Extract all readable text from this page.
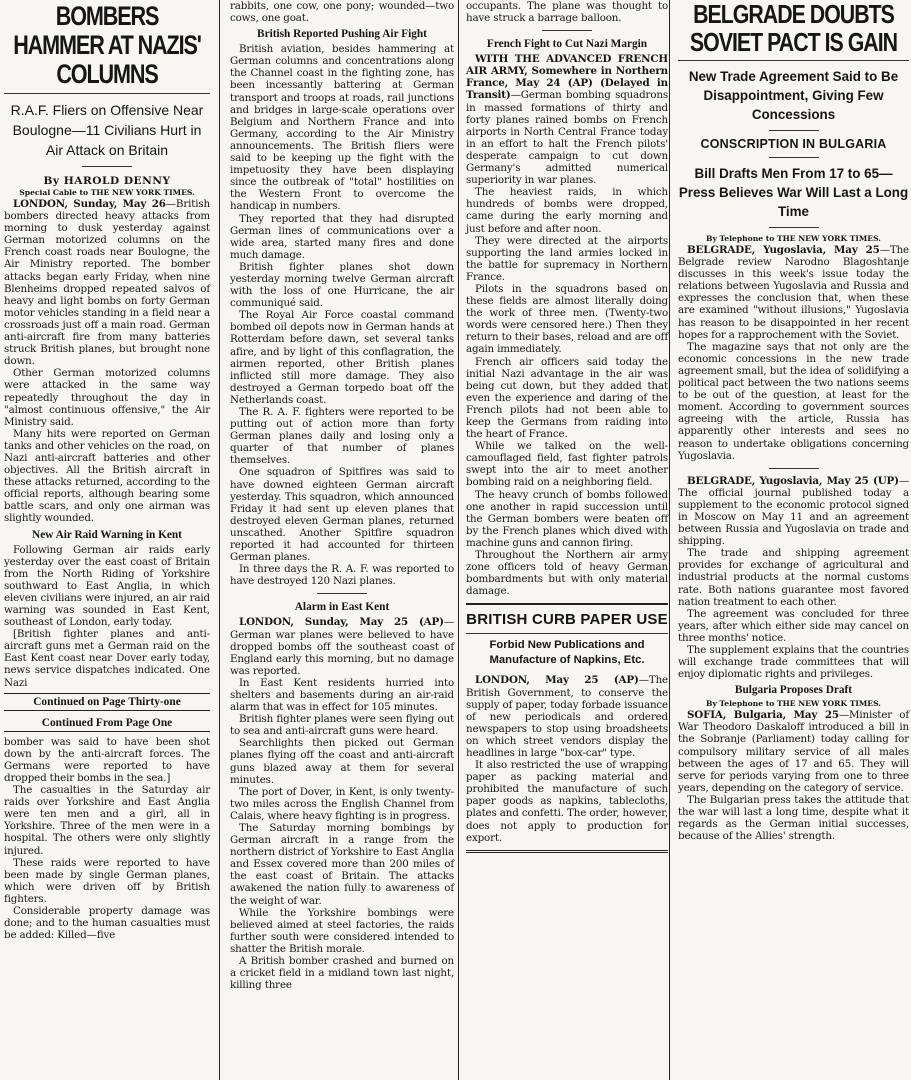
BOMBERS HAMMER AT NAZIS' COLUMNS
R.A.F. Fliers on Offensive Near Boulogne—11 Civilians Hurt in Air Attack on Britain
By HAROLD DENNY
Special Cable to THE NEW YORK TIMES.

LONDON, Sunday, May 26—British bombers directed heavy attacks from morning to dusk yesterday against German motorized columns on the French coast roads near Boulogne, the Air Ministry reported. The bomber attacks began early Friday, when nine Blenheims dropped repeated salvos of heavy and light bombs on forty German motor vehicles standing in a field near a crossroads just off a main road. German anti-aircraft fire from many batteries struck British planes, but brought none down.

Other German motorized columns were attacked in the same way repeatedly throughout the day in "almost continuous offensive," the Air Ministry said.

Many hits were reported on German tanks and other vehicles on the road, on Nazi anti-aircraft batteries and other objectives. All the British aircraft in these attacks returned, according to the official reports, although bearing some battle scars, and only one airman was slightly wounded.

New Air Raid Warning in Kent

Following German air raids early yesterday over the east coast of Britain from the North Riding of Yorkshire southward to East Anglia, in which eleven civilians were injured, an air raid warning was sounded in East Kent, southeast of London, early today.

[British fighter planes and anti-aircraft guns met a German raid on the East Kent coast near Dover early today, news service dispatches indicated. One Nazi

Continued on Page Thirty-one
Continued From Page One

bomber was said to have been shot down by the anti-aircraft forces. The Germans were reported to have dropped their bombs in the sea.]

The casualties in the Saturday air raids over Yorkshire and East Anglia were ten men and a girl, all in Yorkshire. Three of the men were in a hospital. The others were only slightly injured.

These raids were reported to have been made by single German planes, which were driven off by British fighters.

Considerable property damage was done; and to the human casualties must be added: Killed—five

rabbits, one cow, one pony; wounded—two cows, one goat.

British Reported Pushing Air Fight

British aviation, besides hammering at German columns and concentrations along the Channel coast in the fighting zone, has been incessantly battering at German transport and troops at roads, rail junctions and bridges in large-scale operations over Belgium and Northern France and into Germany, according to the Air Ministry announcements. The British fliers were said to be keeping up the fight with the impetuosity they have been displaying since the outbreak of "total" hostilities on the Western Front to overcome the handicap in numbers.

They reported that they had disrupted German lines of communications over a wide area, started many fires and done much damage.

British fighter planes shot down yesterday morning twelve German aircraft with the loss of one Hurricane, the air communiqué said.

The Royal Air Force coastal command bombed oil depots now in German hands at Rotterdam before dawn, set several tanks afire, and by light of this conflagration, the airmen reported, other British planes inflicted still more damage. They also destroyed a German torpedo boat off the Netherlands coast.

The R. A. F. fighters were reported to be putting out of action more than forty German planes daily and losing only a quarter of that number of planes themselves.

One squadron of Spitfires was said to have downed eighteen German aircraft yesterday. This squadron, which announced Friday it had sent up eleven planes that destroyed eleven German planes, returned unscathed. Another Spitfire squadron reported it had accounted for thirteen German planes.

In three days the R. A. F. was reported to have destroyed 120 Nazi planes.

Alarm in East Kent

LONDON, Sunday, May 25 (AP)—German war planes were believed to have dropped bombs off the southeast coast of England early this morning, but no damage was reported.

In East Kent residents hurried into shelters and basements during an air-raid alarm that was in effect for 105 minutes.

British fighter planes were seen flying out to sea and anti-aircraft guns were heard.

Searchlights then picked out German planes flying off the coast and anti-aircraft guns blazed away at them for several minutes.

The port of Dover, in Kent, is only twenty-two miles across the English Channel from Calais, where heavy fighting is in progress.

The Saturday morning bombings by German aircraft in a range from the northern district of Yorkshire to East Anglia and Essex covered more than 200 miles of the east coast of Britain. The attacks awakened the nation fully to awareness of the weight of war.

While the Yorkshire bombings were believed aimed at steel factories, the raids further south were considered intended to shatter the British morale.

A British bomber crashed and burned on a cricket field in a midland town last night, killing three

occupants. The plane was thought to have struck a barrage balloon.

French Fight to Cut Nazi Margin

WITH THE ADVANCED FRENCH AIR ARMY, Somewhere in Northern France, May 24 (AP) (Delayed in Transit)—German bombing squadrons in massed formations of thirty and forty planes rained bombs on French airports in North Central France today in an effort to halt the French pilots' desperate campaign to cut down Germany's admitted numerical superiority in war planes.

The heaviest raids, in which hundreds of bombs were dropped, came during the early morning and just before and after noon.

They were directed at the airports supporting the land armies locked in the battle for supremacy in Northern France.

Pilots in the squadrons based on these fields are almost literally doing the work of three men. (Twenty-two words were censored here.) Then they return to their bases, reload and are off again immediately.

French air officers said today the initial Nazi advantage in the air was being cut down, but they added that even the experience and daring of the French pilots had not been able to keep the Germans from raiding into the heart of France.

While we talked on the well-camouflaged field, fast fighter patrols swept into the air to meet another bombing raid on a neighboring field.

The heavy crunch of bombs followed one another in rapid succession until the German bombers were beaten off by the French planes which dived with machine guns and cannon firing.

Throughout the Northern air army zone officers told of heavy German bombardments but with only material damage.

BRITISH CURB PAPER USE
Forbid New Publications and Manufacture of Napkins, Etc.

LONDON, May 25 (AP)—The British Government, to conserve the supply of paper, today forbade issuance of new periodicals and ordered newspapers to stop using broadsheets on which street vendors display the headlines in large "box-car" type.

It also restricted the use of wrapping paper as packing material and prohibited the manufacture of such paper goods as napkins, tablecloths, plates and confetti. The order, however, does not apply to production for export.

BELGRADE DOUBTS SOVIET PACT IS GAIN
New Trade Agreement Said to Be Disappointment, Giving Few Concessions
CONSCRIPTION IN BULGARIA
Bill Drafts Men From 17 to 65—Press Believes War Will Last a Long Time
By Telephone to THE NEW YORK TIMES.

BELGRADE, Yugoslavia, May 25—The Belgrade review Narodno Blagoshtanje discusses in this week's issue today the relations between Yugoslavia and Russia and expresses the conclusion that, when these are examined "without illusions," Yugoslavia has reason to be disappointed in her recent hopes for a rapprochement with the Soviet.

The magazine says that not only are the economic concessions in the new trade agreement small, but the idea of solidifying a political pact between the two nations seems to be out of the question, at least for the moment. According to government sources agreeing with the article, Russia has apparently other interests and sees no reason to undertake obligations concerning Yugoslavia.

BELGRADE, Yugoslavia, May 25 (UP)—The official journal published today a supplement to the economic protocol signed in Moscow on May 11 and an agreement between Russia and Yugoslavia on trade and shipping.

The trade and shipping agreement provides for exchange of agricultural and industrial products at the normal customs rate. Both nations guarantee most favored nation treatment to each other.

The agreement was concluded for three years, after which either side may cancel on three months' notice.

The supplement explains that the countries will exchange trade committees that will enjoy diplomatic rights and privileges.

Bulgaria Proposes Draft
By Telephone to THE NEW YORK TIMES.

SOFIA, Bulgaria, May 25—Minister of War Theodoro Daskaloff introduced a bill in the Sobranje (Parliament) today calling for compulsory military service of all males between the ages of 17 and 65. They will serve for periods varying from one to three years, depending on the category of service.

The Bulgarian press takes the attitude that the war will last a long time, despite what it regards as the German initial successes, because of the Allies' strength.
